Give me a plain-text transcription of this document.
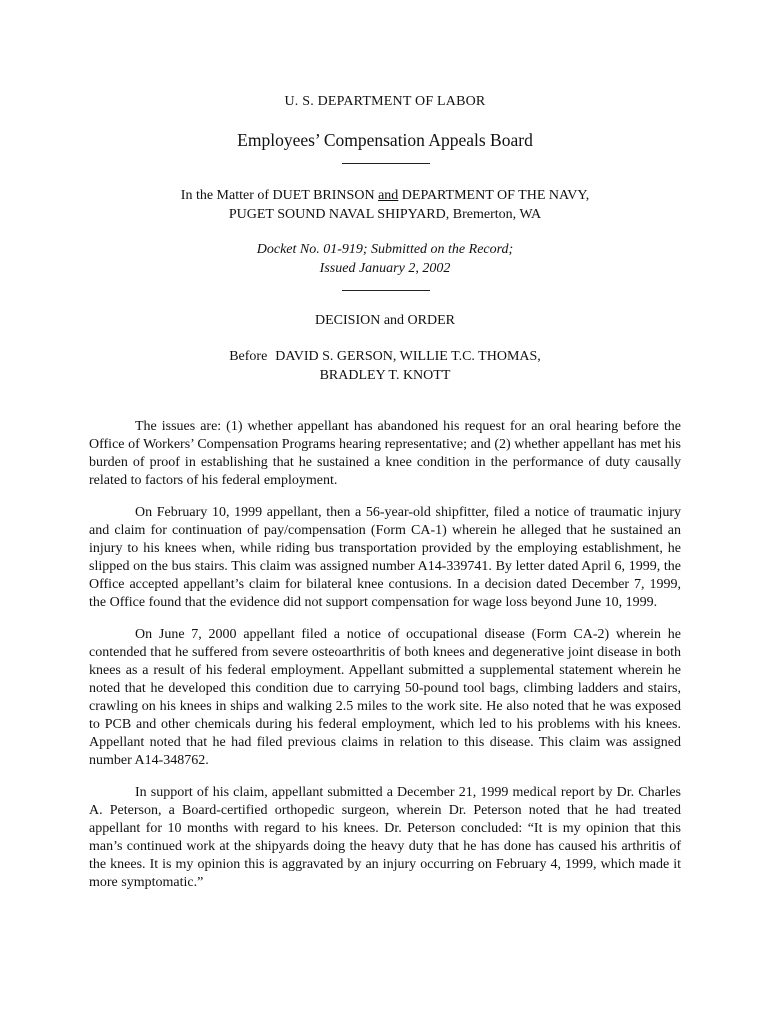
U. S. DEPARTMENT OF LABOR
Employees’ Compensation Appeals Board
In the Matter of DUET BRINSON and DEPARTMENT OF THE NAVY,
PUGET SOUND NAVAL SHIPYARD, Bremerton, WA
Docket No. 01-919; Submitted on the Record;
Issued January 2, 2002
DECISION and ORDER
Before DAVID S. GERSON, WILLIE T.C. THOMAS,
BRADLEY T. KNOTT

The issues are: (1) whether appellant has abandoned his request for an oral hearing before the Office of Workers’ Compensation Programs hearing representative; and (2) whether appellant has met his burden of proof in establishing that he sustained a knee condition in the performance of duty causally related to factors of his federal employment.

On February 10, 1999 appellant, then a 56-year-old shipfitter, filed a notice of traumatic injury and claim for continuation of pay/compensation (Form CA-1) wherein he alleged that he sustained an injury to his knees when, while riding bus transportation provided by the employing establishment, he slipped on the bus stairs. This claim was assigned number A14-339741. By letter dated April 6, 1999, the Office accepted appellant’s claim for bilateral knee contusions. In a decision dated December 7, 1999, the Office found that the evidence did not support compensation for wage loss beyond June 10, 1999.

On June 7, 2000 appellant filed a notice of occupational disease (Form CA-2) wherein he contended that he suffered from severe osteoarthritis of both knees and degenerative joint disease in both knees as a result of his federal employment. Appellant submitted a supplemental statement wherein he noted that he developed this condition due to carrying 50-pound tool bags, climbing ladders and stairs, crawling on his knees in ships and walking 2.5 miles to the work site. He also noted that he was exposed to PCB and other chemicals during his federal employment, which led to his problems with his knees. Appellant noted that he had filed previous claims in relation to this disease. This claim was assigned number A14-348762.

In support of his claim, appellant submitted a December 21, 1999 medical report by Dr. Charles A. Peterson, a Board-certified orthopedic surgeon, wherein Dr. Peterson noted that he had treated appellant for 10 months with regard to his knees. Dr. Peterson concluded: “It is my opinion that this man’s continued work at the shipyards doing the heavy duty that he has done has caused his arthritis of the knees. It is my opinion this is aggravated by an injury occurring on February 4, 1999, which made it more symptomatic.”
